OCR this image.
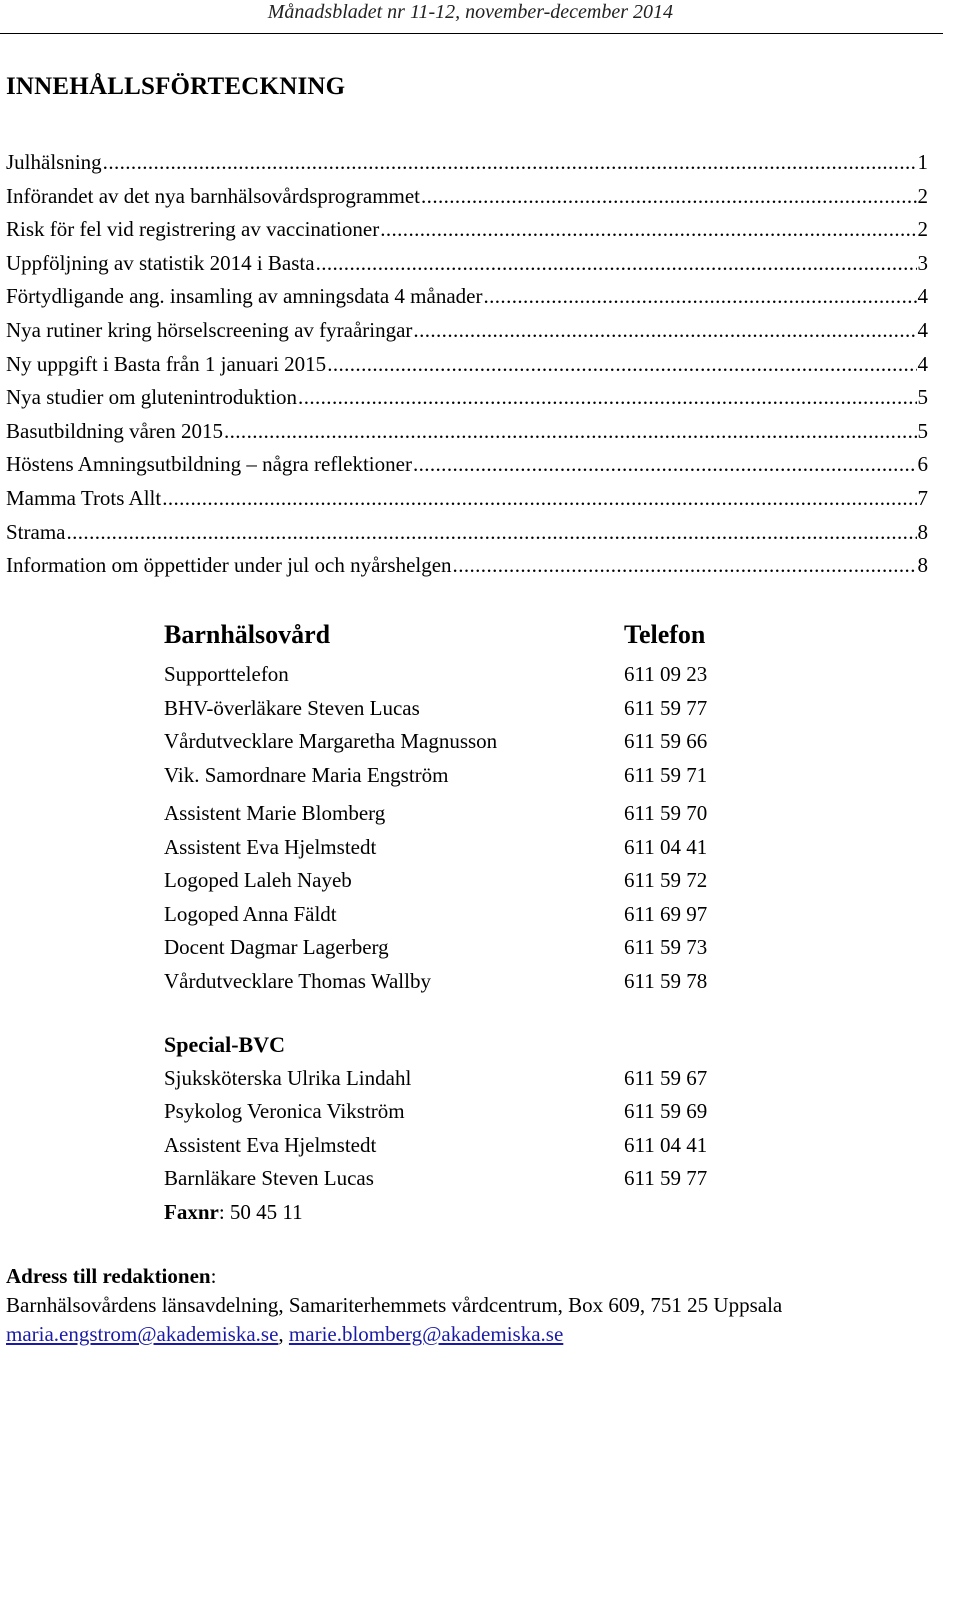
Månadsbladet nr 11-12, november-december 2014
INNEHÅLLSFÖRTECKNING
Julhälsning .....	1
Införandet av det nya barnhälsovårdsprogrammet .....	2
Risk för fel vid registrering av vaccinationer .....	2
Uppföljning av statistik 2014 i Basta .....	3
Förtydligande ang. insamling av amningsdata 4 månader .....	4
Nya rutiner kring hörselscreening av fyraåringar .....	4
Ny uppgift i Basta från 1 januari 2015 .....	4
Nya studier om glutenintroduktion .....	5
Basutbildning våren 2015 .....	5
Höstens Amningsutbildning – några reflektioner .....	6
Mamma Trots Allt .....	7
Strama .....	8
Information om öppettider under jul och nyårshelgen .....	8
Barnhälsovård	Telefon
Supporttelefon	611 09 23
BHV-överläkare Steven Lucas	611 59 77
Vårdutvecklare Margaretha Magnusson	611 59 66
Vik. Samordnare Maria Engström	611 59 71
Assistent Marie Blomberg	611 59 70
Assistent Eva Hjelmstedt	611 04 41
Logoped Laleh Nayeb	611 59 72
Logoped Anna Fäldt	611 69 97
Docent Dagmar Lagerberg	611 59 73
Vårdutvecklare Thomas Wallby	611 59 78
Special-BVC
Sjuksköterska Ulrika Lindahl	611 59 67
Psykolog Veronica Vikström	611 59 69
Assistent Eva Hjelmstedt	611 04 41
Barnläkare Steven Lucas	611 59 77
Faxnr: 50 45 11
Adress till redaktionen:
Barnhälsovårdens länsavdelning, Samariterhemmets vårdcentrum, Box 609, 751 25 Uppsala
maria.engstrom@akademiska.se, marie.blomberg@akademiska.se
